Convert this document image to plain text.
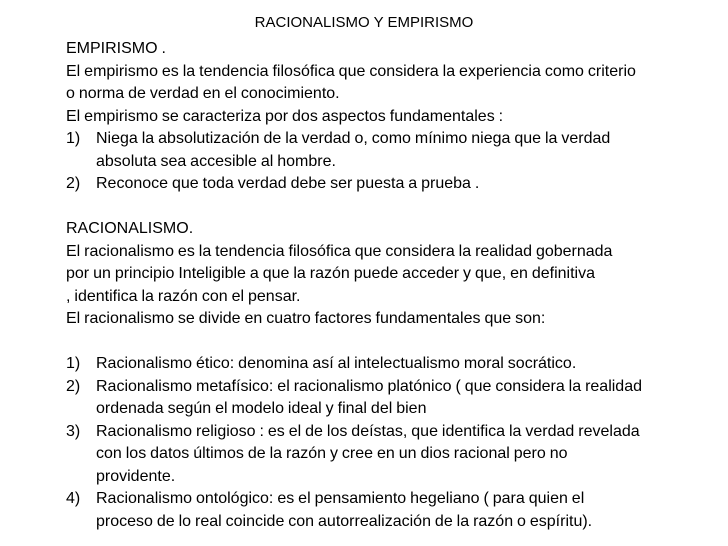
RACIONALISMO Y EMPIRISMO
EMPIRISMO .
El empirismo es la tendencia filosófica que considera la experiencia como criterio
o norma de verdad en el conocimiento.
El empirismo se caracteriza por dos aspectos fundamentales :
1) Niega la absolutización de la verdad o, como mínimo niega que la verdad
absoluta sea accesible al hombre.
2) Reconoce que toda verdad debe ser puesta a prueba .
RACIONALISMO.
El racionalismo es la tendencia filosófica que considera la realidad gobernada
por un principio Inteligible a que la razón puede acceder y que, en definitiva
, identifica la razón con el pensar.
El racionalismo se divide en cuatro factores fundamentales que son:
1) Racionalismo ético: denomina así al intelectualismo moral socrático.
2) Racionalismo metafísico: el racionalismo platónico ( que considera la realidad
ordenada según el modelo ideal y final del bien
3) Racionalismo religioso : es el de los deístas, que identifica la verdad revelada
con los datos últimos de la razón y cree en un dios racional pero no
providente.
4) Racionalismo ontológico: es el pensamiento hegeliano ( para quien el
proceso de lo real coincide con autorrealización de la razón o espíritu).
